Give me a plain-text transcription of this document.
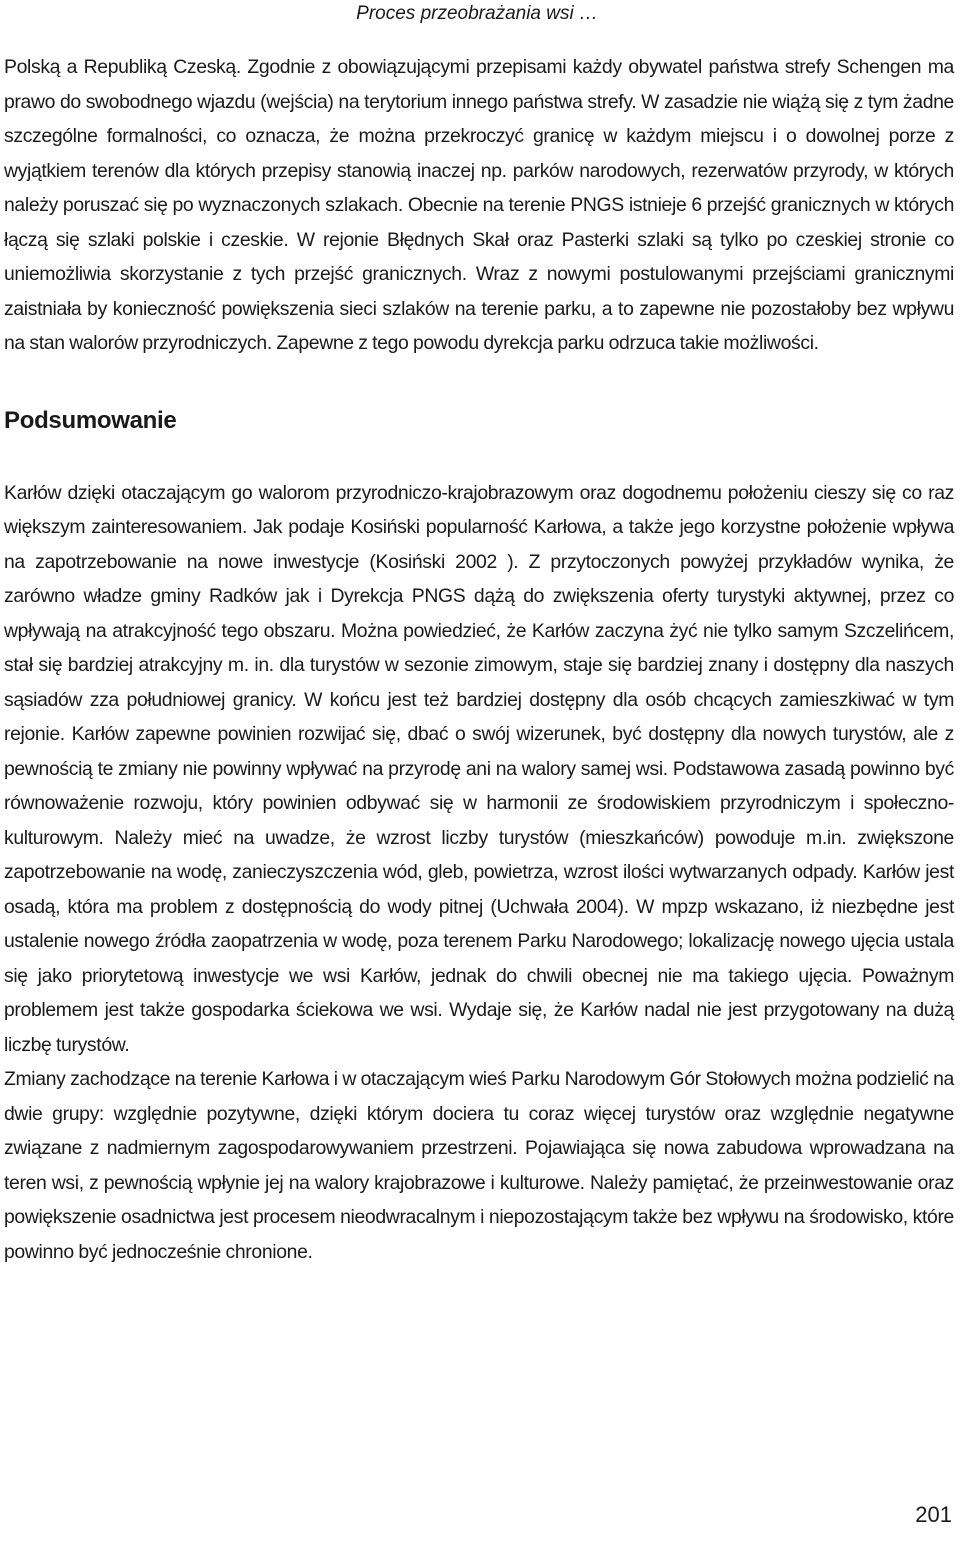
Proces przeobrażania wsi …

Polską a Republiką Czeską. Zgodnie z obowiązującymi przepisami każdy obywatel państwa strefy Schengen ma prawo do swobodnego wjazdu (wejścia) na terytorium innego państwa strefy. W zasadzie nie wiążą się z tym żadne szczególne formalności, co oznacza, że można przekroczyć granicę w każdym miejscu i o dowolnej porze z wyjątkiem terenów dla których przepisy stanowią inaczej np. parków narodowych, rezerwatów przyrody, w których należy poruszać się po wyznaczonych szlakach. Obecnie na terenie PNGS istnieje 6 przejść granicznych w których łączą się szlaki polskie i czeskie. W rejonie Błędnych Skał oraz Pasterki szlaki są tylko po czeskiej stronie co uniemożliwia skorzystanie z tych przejść granicznych. Wraz z nowymi postulowanymi przejściami granicznymi zaistniała by konieczność powiększenia sieci szlaków na terenie parku, a to zapewne nie pozostałoby bez wpływu na stan walorów przyrodniczych. Zapewne z tego powodu dyrekcja parku odrzuca takie możliwości.

Podsumowanie

Karłów dzięki otaczającym go walorom przyrodniczo-krajobrazowym oraz dogodnemu położeniu cieszy się co raz większym zainteresowaniem. Jak podaje Kosiński popularność Karłowa, a także jego korzystne położenie wpływa na zapotrzebowanie na nowe inwestycje (Kosiński 2002 ). Z przytoczonych powyżej przykładów wynika, że zarówno władze gminy Radków jak i Dyrekcja PNGS dążą do zwiększenia oferty turystyki aktywnej, przez co wpływają na atrakcyjność tego obszaru. Można powiedzieć, że Karłów zaczyna żyć nie tylko samym Szczelińcem, stał się bardziej atrakcyjny m. in. dla turystów w sezonie zimowym, staje się bardziej znany i dostępny dla naszych sąsiadów zza południowej granicy. W końcu jest też bardziej dostępny dla osób chcących zamieszkiwać w tym rejonie. Karłów zapewne powinien rozwijać się, dbać o swój wizerunek, być dostępny dla nowych turystów, ale z pewnością te zmiany nie powinny wpływać na przyrodę ani na walory samej wsi. Podstawowa zasadą powinno być równoważenie rozwoju, który powinien odbywać się w harmonii ze środowiskiem przyrodniczym i społeczno-kulturowym. Należy mieć na uwadze, że wzrost liczby turystów (mieszkańców) powoduje m.in. zwiększone zapotrzebowanie na wodę, zanieczyszczenia wód, gleb, powietrza, wzrost ilości wytwarzanych odpady. Karłów jest osadą, która ma problem z dostępnością do wody pitnej (Uchwała 2004). W mpzp wskazano, iż niezbędne jest ustalenie nowego źródła zaopatrzenia w wodę, poza terenem Parku Narodowego; lokalizację nowego ujęcia ustala się jako priorytetową inwestycje we wsi Karłów, jednak do chwili obecnej nie ma takiego ujęcia. Poważnym problemem jest także gospodarka ściekowa we wsi. Wydaje się, że Karłów nadal nie jest przygotowany na dużą liczbę turystów.

Zmiany zachodzące na terenie Karłowa i w otaczającym wieś Parku Narodowym Gór Stołowych można podzielić na dwie grupy: względnie pozytywne, dzięki którym dociera tu coraz więcej turystów oraz względnie negatywne związane z nadmiernym zagospodarowywaniem przestrzeni. Pojawiająca się nowa zabudowa wprowadzana na teren wsi, z pewnością wpłynie jej na walory krajobrazowe i kulturowe. Należy pamiętać, że przeinwestowanie oraz powiększenie osadnictwa jest procesem nieodwracalnym i niepozostającym także bez wpływu na środowisko, które powinno być jednocześnie chronione.

201
